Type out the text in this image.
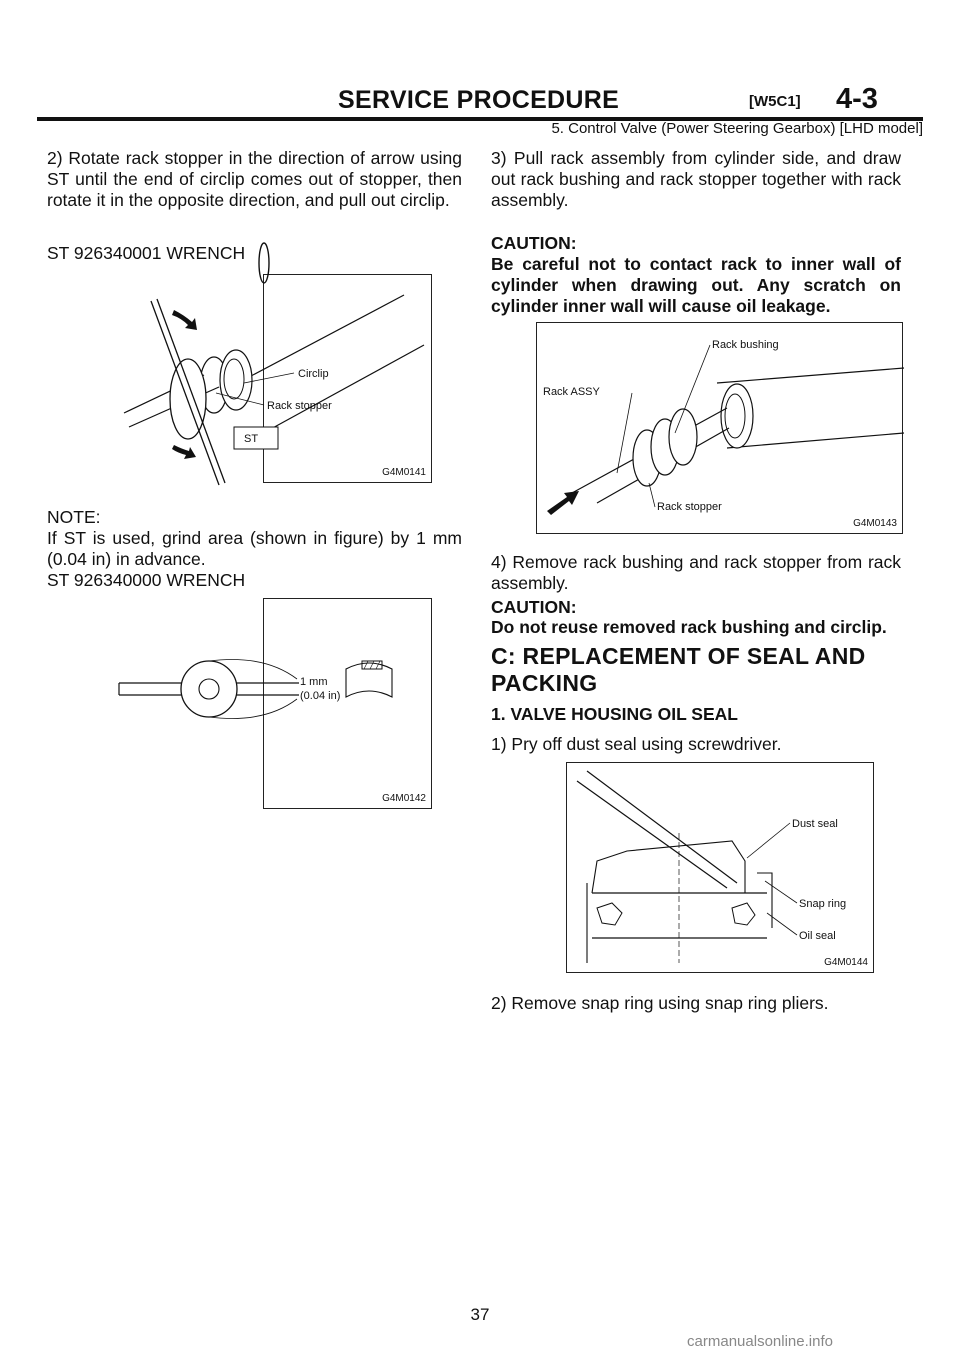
SERVICE PROCEDURE	[W5C1] 4-3
5. Control Valve (Power Steering Gearbox) [LHD model]
2) Rotate rack stopper in the direction of arrow using ST until the end of circlip comes out of stopper, then rotate it in the opposite direction, and pull out circlip.
ST 926340001 WRENCH
ST
Circlip
Rack stopper
G4M0141
NOTE:
If ST is used, grind area (shown in figure) by 1 mm (0.04 in) in advance.
ST 926340000 WRENCH
1 mm
(0.04 in)
G4M0142
3) Pull rack assembly from cylinder side, and draw out rack bushing and rack stopper together with rack assembly.
CAUTION:
Be careful not to contact rack to inner wall of cylinder when drawing out. Any scratch on cylinder inner wall will cause oil leakage.
Rack bushing
Rack ASSY
Rack stopper
G4M0143
4) Remove rack bushing and rack stopper from rack assembly.
CAUTION:
Do not reuse removed rack bushing and circlip.
C: REPLACEMENT OF SEAL AND PACKING
1. VALVE HOUSING OIL SEAL
1) Pry off dust seal using screwdriver.
Dust seal
Snap ring
Oil seal
G4M0144
2) Remove snap ring using snap ring pliers.
37
carmanualsonline.info
